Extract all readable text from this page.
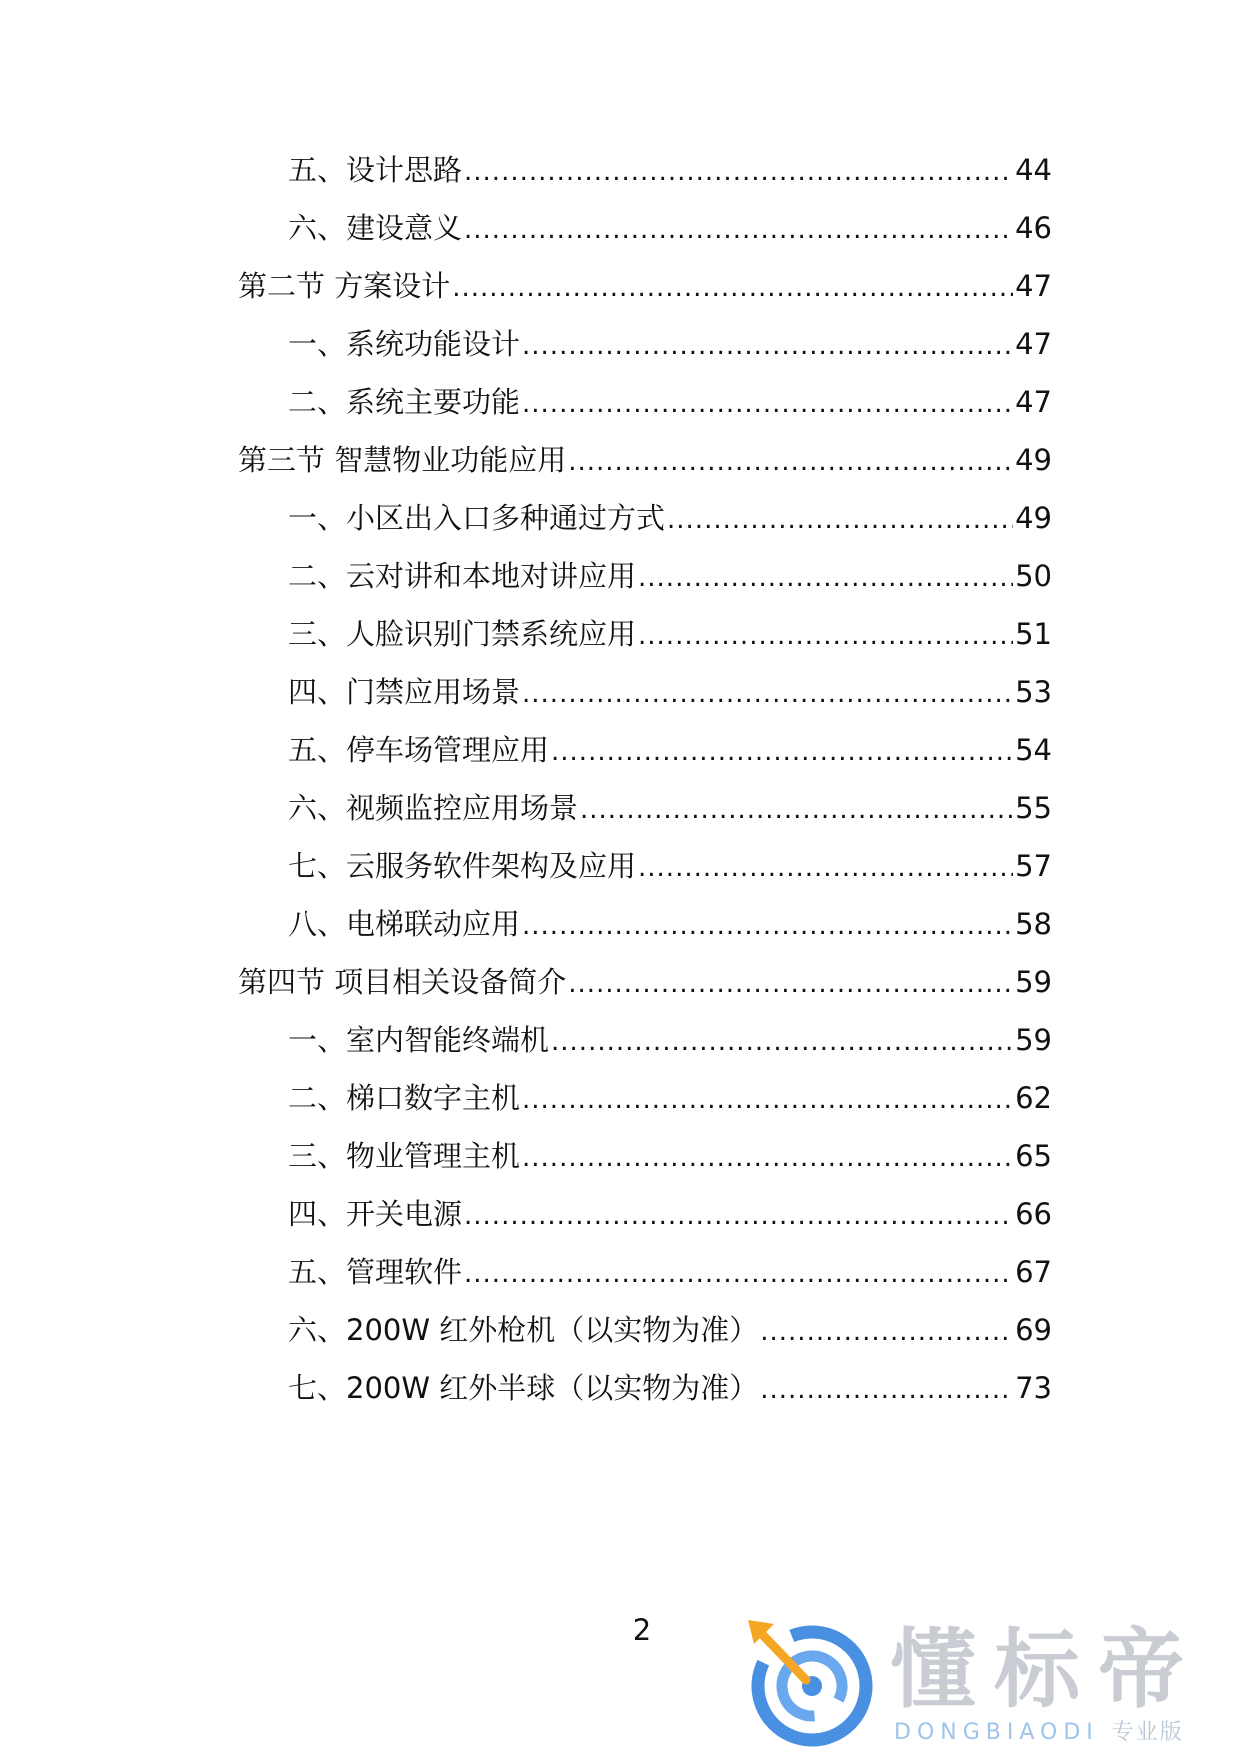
五、设计思路 .....	44
六、建设意义 .....	46
第二节 方案设计 .....	47
一、系统功能设计 .....	47
二、系统主要功能 .....	47
第三节 智慧物业功能应用 .....	49
一、小区出入口多种通过方式 .....	49
二、云对讲和本地对讲应用 .....	50
三、人脸识别门禁系统应用 .....	51
四、门禁应用场景 .....	53
五、停车场管理应用 .....	54
六、视频监控应用场景 .....	55
七、云服务软件架构及应用 .....	57
八、电梯联动应用 .....	58
第四节 项目相关设备简介 .....	59
一、室内智能终端机 .....	59
二、梯口数字主机 .....	62
三、物业管理主机 .....	65
四、开关电源 .....	66
五、管理软件 .....	67
六、200W 红外枪机（以实物为准） .....	69
七、200W 红外半球（以实物为准） .....	73
2	懂标帝
DONGBIAODI 专业版
